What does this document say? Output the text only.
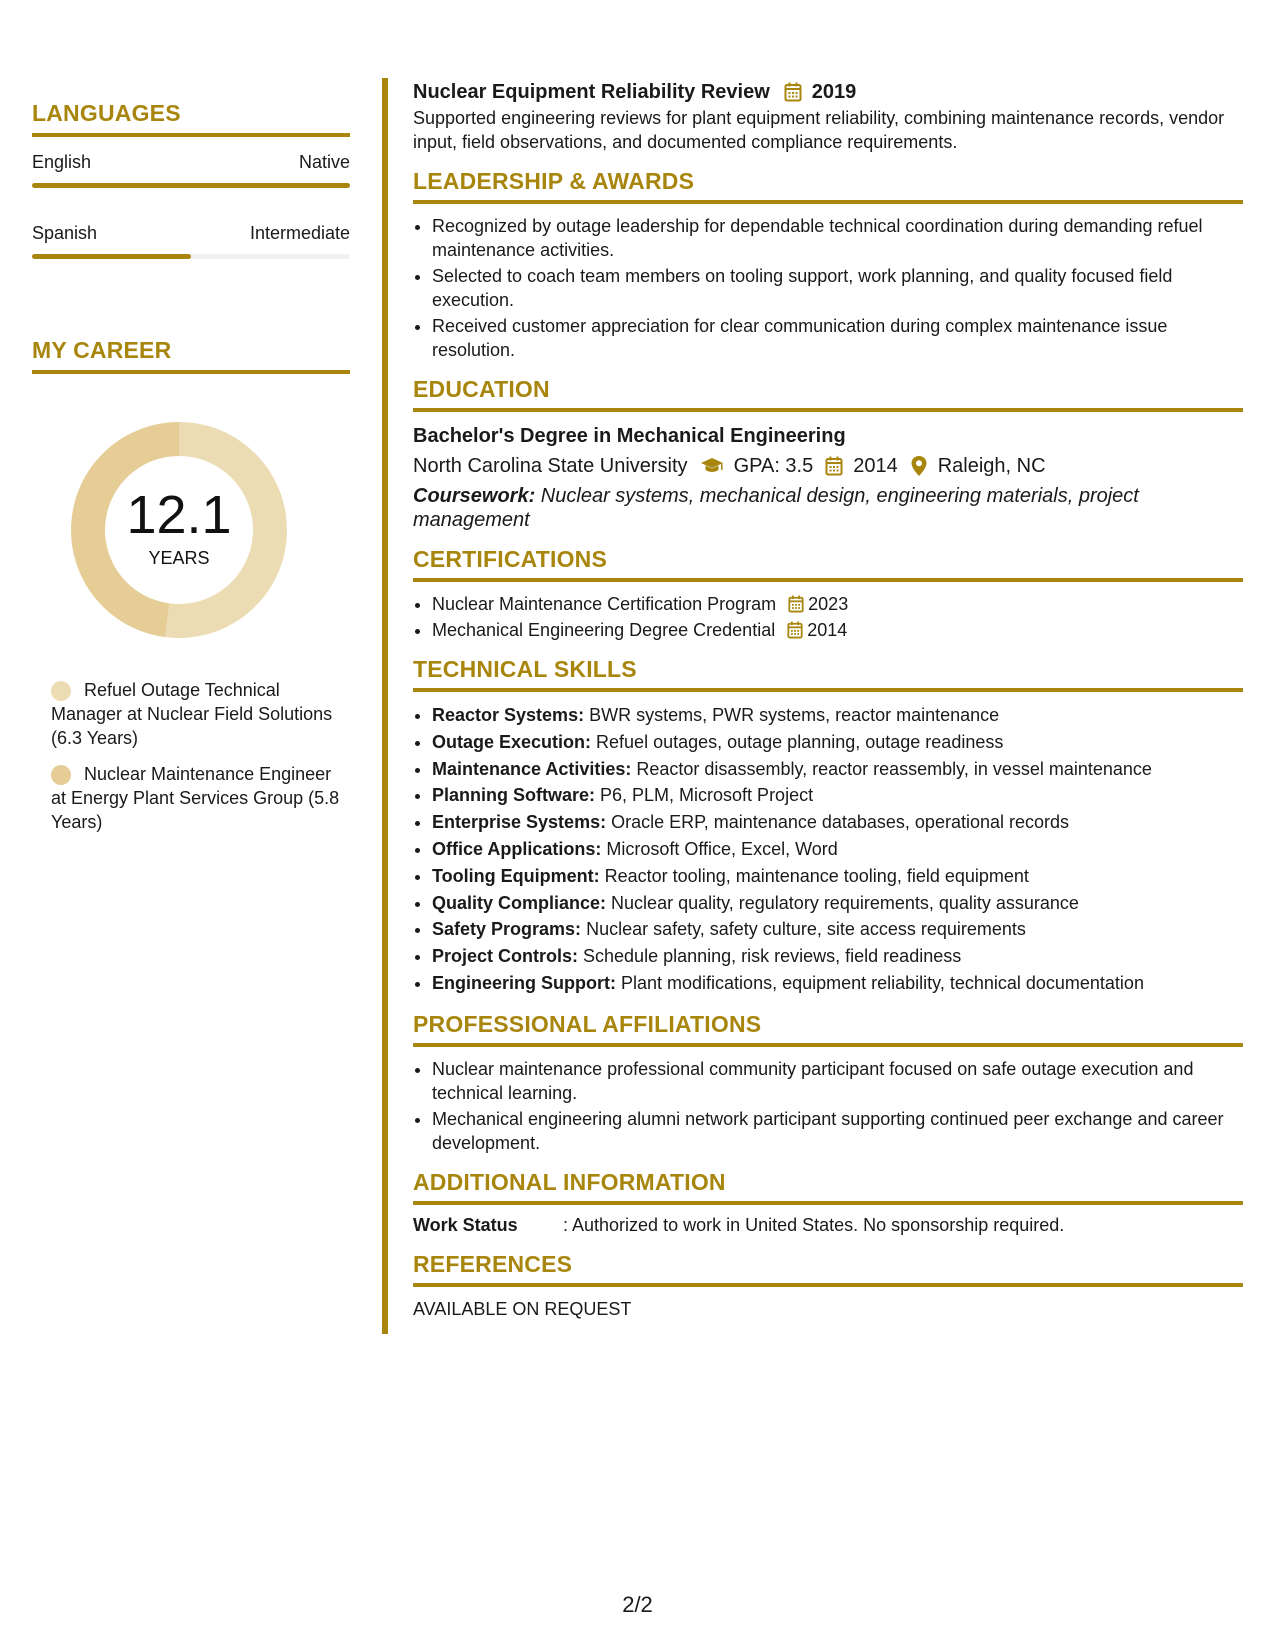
LANGUAGES
English	Native
Spanish	Intermediate
MY CAREER
12.1
YEARS
Refuel Outage Technical Manager at Nuclear Field Solutions (6.3 Years)
Nuclear Maintenance Engineer at Energy Plant Services Group (5.8 Years)
Nuclear Equipment Reliability Review 2019
Supported engineering reviews for plant equipment reliability, combining maintenance records, vendor input, field observations, and documented compliance requirements.
LEADERSHIP & AWARDS
• Recognized by outage leadership for dependable technical coordination during demanding refuel maintenance activities.
• Selected to coach team members on tooling support, work planning, and quality focused field execution.
• Received customer appreciation for clear communication during complex maintenance issue resolution.
EDUCATION
Bachelor's Degree in Mechanical Engineering
North Carolina State University GPA: 3.5 2014 Raleigh, NC
Coursework: Nuclear systems, mechanical design, engineering materials, project management
CERTIFICATIONS
• Nuclear Maintenance Certification Program 2023
• Mechanical Engineering Degree Credential 2014
TECHNICAL SKILLS
• Reactor Systems: BWR systems, PWR systems, reactor maintenance
• Outage Execution: Refuel outages, outage planning, outage readiness
• Maintenance Activities: Reactor disassembly, reactor reassembly, in vessel maintenance
• Planning Software: P6, PLM, Microsoft Project
• Enterprise Systems: Oracle ERP, maintenance databases, operational records
• Office Applications: Microsoft Office, Excel, Word
• Tooling Equipment: Reactor tooling, maintenance tooling, field equipment
• Quality Compliance: Nuclear quality, regulatory requirements, quality assurance
• Safety Programs: Nuclear safety, safety culture, site access requirements
• Project Controls: Schedule planning, risk reviews, field readiness
• Engineering Support: Plant modifications, equipment reliability, technical documentation
PROFESSIONAL AFFILIATIONS
• Nuclear maintenance professional community participant focused on safe outage execution and technical learning.
• Mechanical engineering alumni network participant supporting continued peer exchange and career development.
ADDITIONAL INFORMATION
Work Status	: Authorized to work in United States. No sponsorship required.
REFERENCES
AVAILABLE ON REQUEST
2/2
